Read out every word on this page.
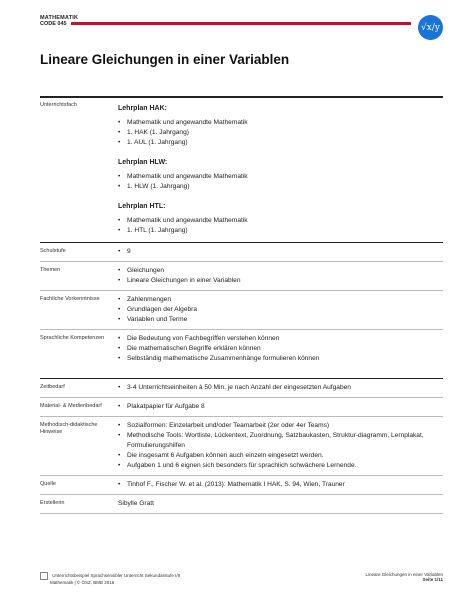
MATHEMATIK
CODE 045	√x/y
Lineare Gleichungen in einer Variablen
Unterrichtsfach	Lehrplan HAK:
• Mathematik und angewandte Mathematik
• 1. HAK (1. Jahrgang)
• 1. AUL (1. Jahrgang)
Lehrplan HLW:
• Mathematik und angewandte Mathematik
• 1. HLW (1. Jahrgang)
Lehrplan HTL:
• Mathematik und angewandte Mathematik
• 1. HTL (1. Jahrgang)
Schulstufe	• 9
Themen	• Gleichungen
• Lineare Gleichungen in einer Variablen
Fachliche Vorkenntnisse	• Zahlenmengen
• Grundlagen der Algebra
• Variablen und Terme
Sprachliche Kompetenzen	• Die Bedeutung von Fachbegriffen verstehen können
• Die mathematischen Begriffe erklären können
• Selbständig mathematische Zusammenhänge formulieren können
Zeitbedarf	• 3-4 Unterrichtseinheiten à 50 Min. je nach Anzahl der eingesetzten Aufgaben
Material- & Medienbedarf	• Plakatpapier für Aufgabe 8
Methodisch-didaktische Hinweise
• Sozialformen: Einzelarbeit und/oder Teamarbeit (2er oder 4er Teams)
• Methodische Tools: Wortliste, Lückentext, Zuordnung, Satzbaukasten, Struktur-diagramm, Lernplakat, Formulierungshilfen
• Die insgesamt 6 Aufgaben können auch einzeln eingesetzt werden.
• Aufgaben 1 und 6 eignen sich besonders für sprachlich schwächere Lernende.
Quelle	• Tinhof F., Fischer W. et al. (2013): Mathematik I HAK, S. 94, Wien, Trauner
Erstellerin	Sibylle Gratt
Unterrichtsbeispiel Sprachsensibler Unterricht Sekundarstufe I/II
Mathematik | © ÖSZ, BMB 2016
Lineare Gleichungen in einer Variablen
Seite 1/11
